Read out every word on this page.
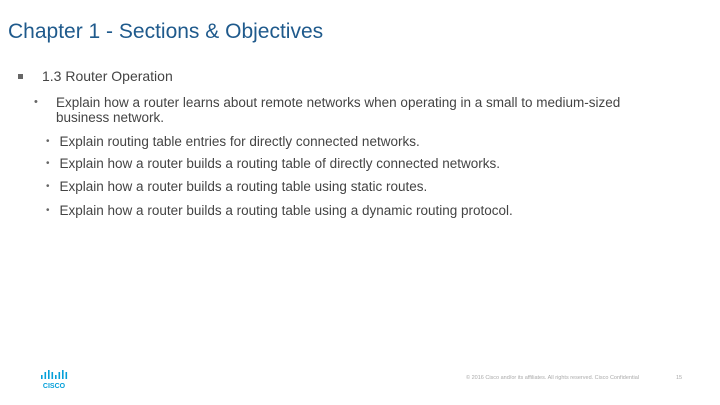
Chapter 1 - Sections & Objectives
1.3 Router Operation
• Explain how a router learns about remote networks when operating in a small to medium-sized business network.
• Explain routing table entries for directly connected networks.
• Explain how a router builds a routing table of directly connected networks.
• Explain how a router builds a routing table using static routes.
• Explain how a router builds a routing table using a dynamic routing protocol.
CISCO
© 2016 Cisco and/or its affiliates. All rights reserved. Cisco Confidential	15
